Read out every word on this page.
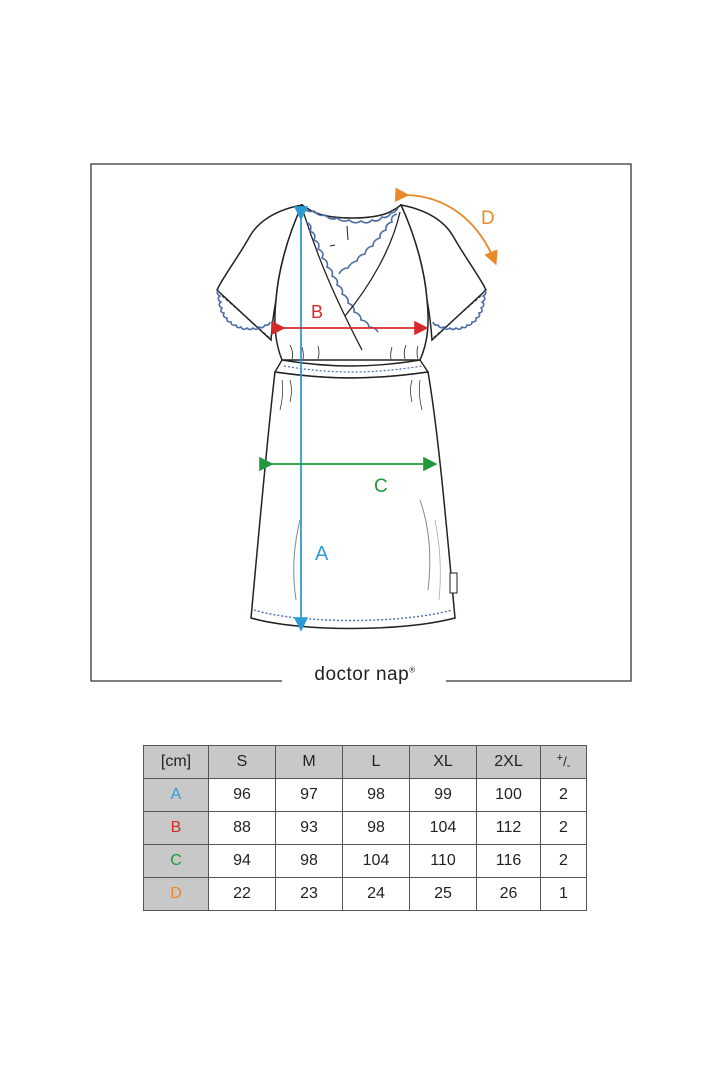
A
B
C
D
doctor nap®
[cm]	S	M	L	XL	2XL	+/-
A	96	97	98	99	100	2
B	88	93	98	104	112	2
C	94	98	104	110	116	2
D	22	23	24	25	26	1
